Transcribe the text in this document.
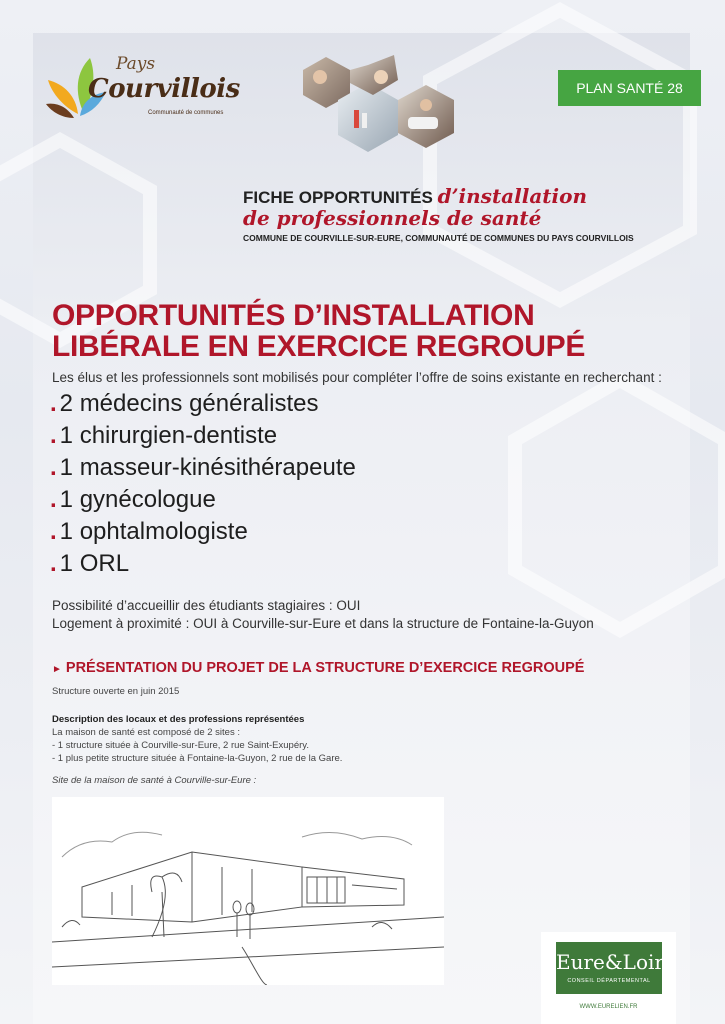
Pays
Courvillois
Communauté de communes
PLAN SANTÉ 28
FICHE OPPORTUNITÉS d’installation
de professionnels de santé
COMMUNE DE COURVILLE-SUR-EURE, COMMUNAUTÉ DE COMMUNES DU PAYS COURVILLOIS
OPPORTUNITÉS D’INSTALLATION
LIBÉRALE EN EXERCICE REGROUPÉ
Les élus et les professionnels sont mobilisés pour compléter l’offre de soins existante en recherchant :
. 2 médecins généralistes
. 1 chirurgien-dentiste
. 1 masseur-kinésithérapeute
. 1 gynécologue
. 1 ophtalmologiste
. 1 ORL
Possibilité d’accueillir des étudiants stagiaires : OUI
Logement à proximité : OUI à Courville-sur-Eure et dans la structure de Fontaine-la-Guyon
► PRÉSENTATION DU PROJET DE LA STRUCTURE D’EXERCICE REGROUPÉ
Structure ouverte en juin 2015
Description des locaux et des professions représentées
La maison de santé est composé de 2 sites :
- 1 structure située à Courville-sur-Eure, 2 rue Saint-Exupéry.
- 1 plus petite structure située à Fontaine-la-Guyon, 2 rue de la Gare.
Site de la maison de santé à Courville-sur-Eure :
Eure&Loir
CONSEIL DÉPARTEMENTAL
WWW.EURELIEN.FR
